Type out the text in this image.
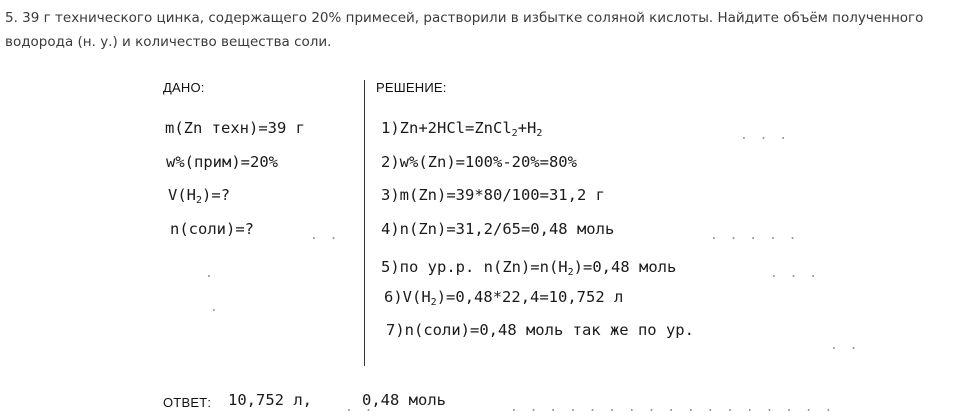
5. 39 г технического цинка, содержащего 20% примесей, растворили в избытке соляной кислоты. Найдите объём полученного водорода (н. у.) и количество вещества соли.
ДАНО:	РЕШЕНИЕ:
m(Zn техн)=39 г
w%(прим)=20%
$V(H_2)=$?
n(соли)=?
$1)Zn+2HCl=ZnCl_2+H_2$
2)w%(Zn)=100%-20%=80%
3)m(Zn)=39*80/100=31,2 г
4)n(Zn)=31,2/65=0,48 моль
5)по ур.р. $n(Zn)=n(H_2)=0,48$ моль
$6)V(H_2)=0,48*22,4=10,752$ л
7)n(соли)=0,48 моль так же по ур.
ОТВЕТ: 10,752 л,	0,48 моль
. . .
. . . . .
. . .
. .
.
.
. .
. .	. . . . . . . . . . . . . . . . .
